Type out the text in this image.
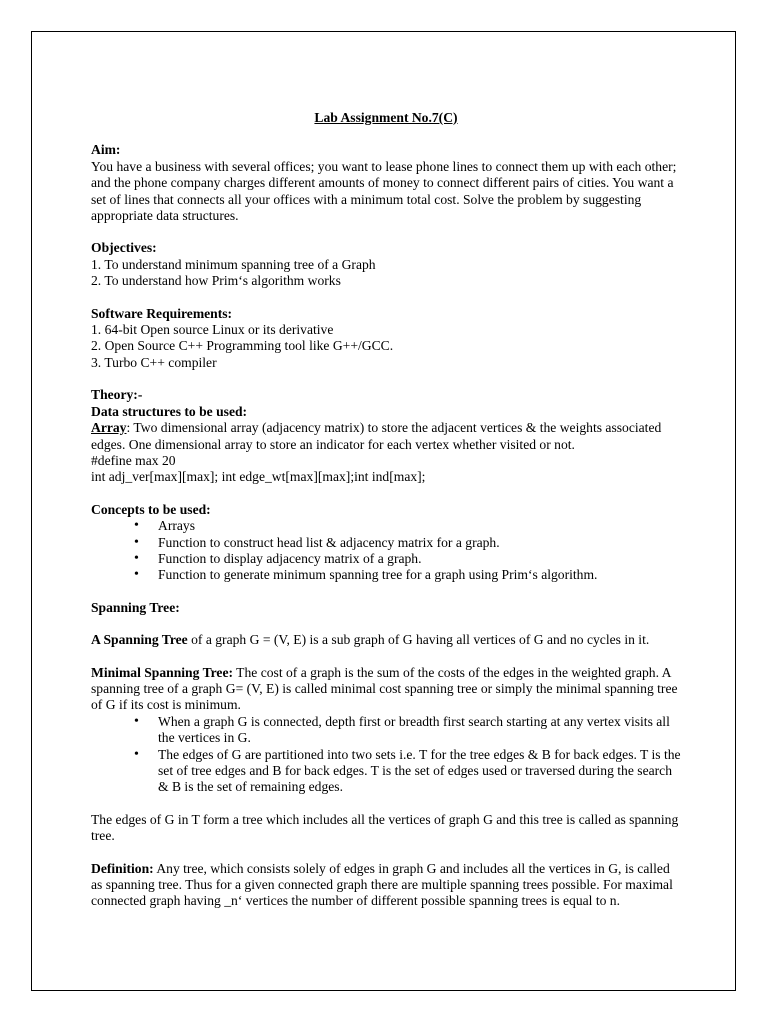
Lab Assignment No.7(C)

Aim:

You have a business with several offices; you want to lease phone lines to connect them up with each other; and the phone company charges different amounts of money to connect different pairs of cities. You want a set of lines that connects all your offices with a minimum total cost. Solve the problem by suggesting appropriate data structures.

Objectives:

1. To understand minimum spanning tree of a Graph

2. To understand how Prim‘s algorithm works

Software Requirements:

1. 64-bit Open source Linux or its derivative

2. Open Source C++ Programming tool like G++/GCC.

3. Turbo C++ compiler

Theory:-

Data structures to be used:

Array: Two dimensional array (adjacency matrix) to store the adjacent vertices & the weights associated edges. One dimensional array to store an indicator for each vertex whether visited or not.

#define max 20

int adj_ver[max][max]; int edge_wt[max][max];int ind[max];

Concepts to be used:

• Arrays
• Function to construct head list & adjacency matrix for a graph.
• Function to display adjacency matrix of a graph.
• Function to generate minimum spanning tree for a graph using Prim‘s algorithm.

Spanning Tree:

A Spanning Tree of a graph G = (V, E) is a sub graph of G having all vertices of G and no cycles in it.

Minimal Spanning Tree: The cost of a graph is the sum of the costs of the edges in the weighted graph. A spanning tree of a graph G= (V, E) is called minimal cost spanning tree or simply the minimal spanning tree of G if its cost is minimum.

• When a graph G is connected, depth first or breadth first search starting at any vertex visits all the vertices in G.
• The edges of G are partitioned into two sets i.e. T for the tree edges & B for back edges. T is the set of tree edges and B for back edges. T is the set of edges used or traversed during the search & B is the set of remaining edges.

The edges of G in T form a tree which includes all the vertices of graph G and this tree is called as spanning tree.

Definition: Any tree, which consists solely of edges in graph G and includes all the vertices in G, is called as spanning tree. Thus for a given connected graph there are multiple spanning trees possible. For maximal connected graph having _n‘ vertices the number of different possible spanning trees is equal to n.
